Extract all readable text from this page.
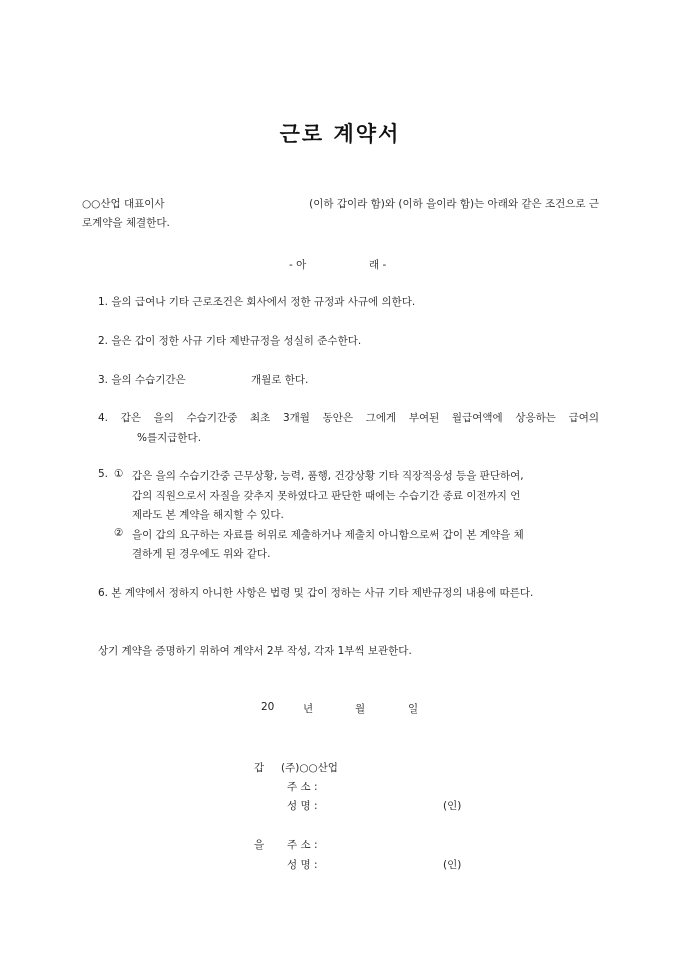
근로 계약서
○○산업 대표이사	(이하 갑이라 함)와 (이하 을이라 함)는 아래와 같은 조건으로 근
로계약을 체결한다.
- 아	래 -
1. 을의 급여나 기타 근로조건은 회사에서 정한 규정과 사규에 의한다.
2. 을은 갑이 정한 사규 기타 제반규정을 성실히 준수한다.
3. 을의 수습기간은	개월로 한다.
4. 갑은 을의 수습기간중 최초 3개월 동안은 그에게 부여된 월급여액에 상응하는 급여의
%를지급한다.
5. ① 갑은 을의 수습기간중 근무상황, 능력, 품행, 건강상황 기타 직장적응성 등을 판단하여,
갑의 직원으로서 자질을 갖추지 못하였다고 판단한 때에는 수습기간 종료 이전까지 언
제라도 본 계약을 해지할 수 있다.
② 을이 갑의 요구하는 자료를 허위로 제출하거나 제출치 아니함으로써 갑이 본 계약을 체
결하게 된 경우에도 위와 같다.
6. 본 계약에서 정하지 아니한 사항은 법령 및 갑이 정하는 사규 기타 제반규정의 내용에 따른다.
상기 계약을 증명하기 위하여 계약서 2부 작성, 각자 1부씩 보관한다.
20	년	월	일
갑 (주)○○산업
주 소 :
성 명 :	(인)
을 주 소 :
성 명 :	(인)
